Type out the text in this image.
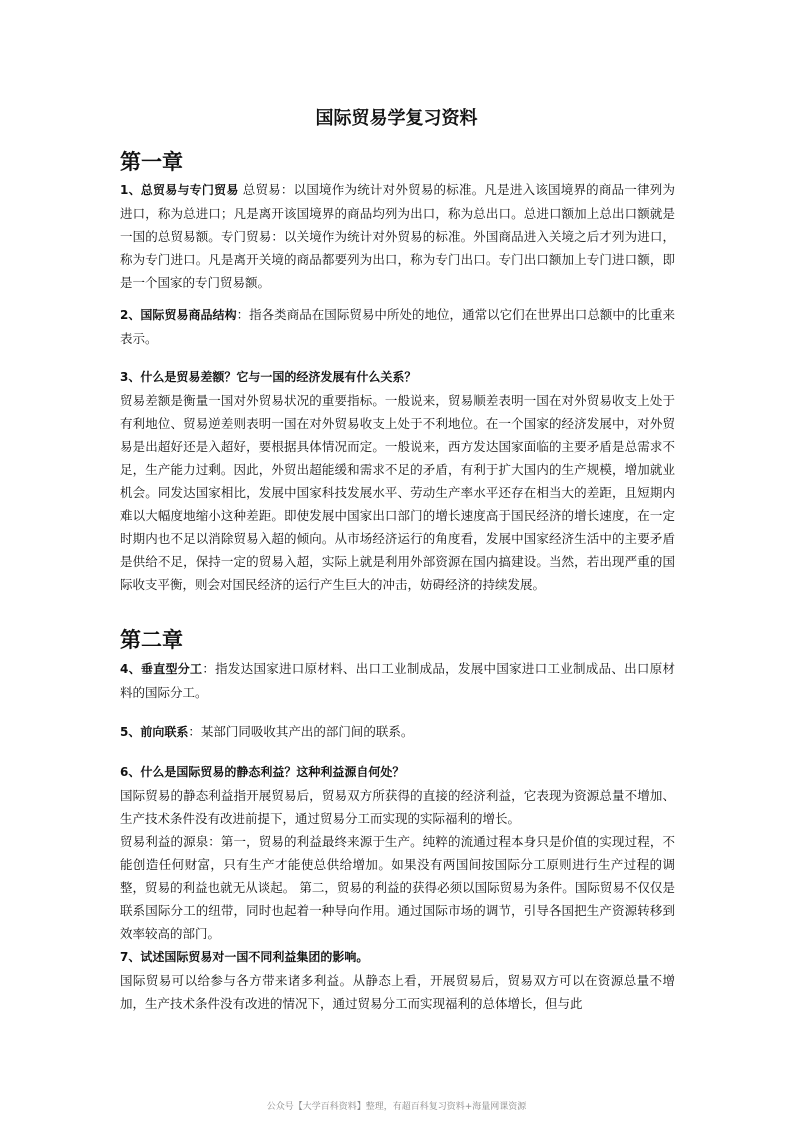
国际贸易学复习资料
第一章
1、总贸易与专门贸易 总贸易：以国境作为统计对外贸易的标准。凡是进入该国境界的商品一律列为进口，称为总进口；凡是离开该国境界的商品均列为出口，称为总出口。总进口额加上总出口额就是一国的总贸易额。专门贸易：以关境作为统计对外贸易的标准。外国商品进入关境之后才列为进口，称为专门进口。凡是离开关境的商品都要列为出口，称为专门出口。专门出口额加上专门进口额，即是一个国家的专门贸易额。
2、国际贸易商品结构：指各类商品在国际贸易中所处的地位，通常以它们在世界出口总额中的比重来表示。

3、什么是贸易差额？它与一国的经济发展有什么关系？

贸易差额是衡量一国对外贸易状况的重要指标。一般说来，贸易顺差表明一国在对外贸易收支上处于有利地位、贸易逆差则表明一国在对外贸易收支上处于不利地位。在一个国家的经济发展中，对外贸易是出超好还是入超好，要根据具体情况而定。一般说来，西方发达国家面临的主要矛盾是总需求不足，生产能力过剩。因此，外贸出超能缓和需求不足的矛盾，有利于扩大国内的生产规模，增加就业机会。同发达国家相比，发展中国家科技发展水平、劳动生产率水平还存在相当大的差距，且短期内难以大幅度地缩小这种差距。即使发展中国家出口部门的增长速度高于国民经济的增长速度，在一定时期内也不足以消除贸易入超的倾向。从市场经济运行的角度看，发展中国家经济生活中的主要矛盾是供给不足，保持一定的贸易入超，实际上就是利用外部资源在国内搞建设。当然，若出现严重的国际收支平衡，则会对国民经济的运行产生巨大的冲击，妨碍经济的持续发展。

第二章
4、垂直型分工：指发达国家进口原材料、出口工业制成品，发展中国家进口工业制成品、出口原材料的国际分工。
5、前向联系：某部门同吸收其产出的部门间的联系。

6、什么是国际贸易的静态利益？这种利益源自何处？

国际贸易的静态利益指开展贸易后，贸易双方所获得的直接的经济利益，它表现为资源总量不增加、生产技术条件没有改进前提下，通过贸易分工而实现的实际福利的增长。

贸易利益的源泉：第一，贸易的利益最终来源于生产。纯粹的流通过程本身只是价值的实现过程，不能创造任何财富，只有生产才能使总供给增加。如果没有两国间按国际分工原则进行生产过程的调整，贸易的利益也就无从谈起。 第二，贸易的利益的获得必须以国际贸易为条件。国际贸易不仅仅是联系国际分工的纽带，同时也起着一种导向作用。通过国际市场的调节，引导各国把生产资源转移到效率较高的部门。

7、试述国际贸易对一国不同利益集团的影响。

国际贸易可以给参与各方带来诸多利益。从静态上看，开展贸易后，贸易双方可以在资源总量不增加，生产技术条件没有改进的情况下，通过贸易分工而实现福利的总体增长，但与此

公众号【大学百科资料】整理，有超百科复习资料+海量网课资源
